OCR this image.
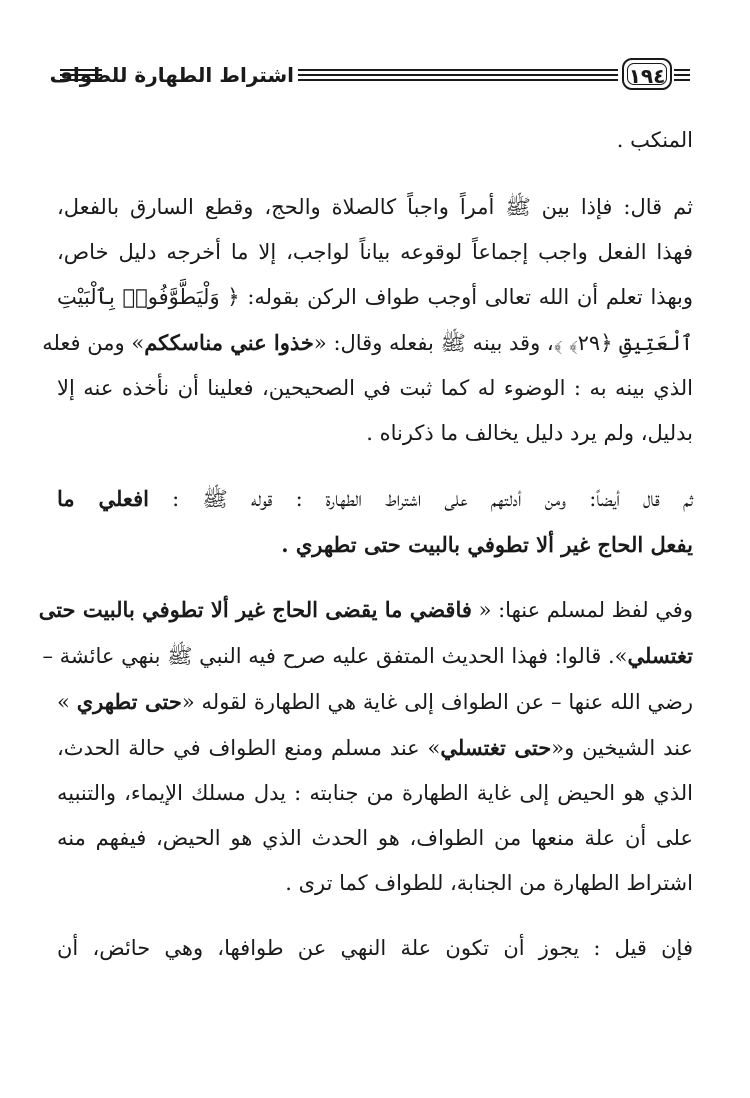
اشتراط الطهارة للطواف	١٩٤

المنكب .

ثم قال: فإذا بين ﷺ أمراً واجباً كالصلاة والحج، وقطع السارق بالفعل،
فهذا الفعل واجب إجماعاً لوقوعه بياناً لواجب، إلا ما أخرجه دليل خاص،
وبهذا تعلم أن الله تعالى أوجب طواف الركن بقوله: ﴿ وَلْيَطَّوَّفُوا۟ بِٱلْبَيْتِ
ٱلْعَتِيقِ ﴿٢٩﴾ ﴾، وقد بينه ﷺ بفعله وقال: «خذوا عني مناسككم» ومن فعله
الذي بينه به : الوضوء له كما ثبت في الصحيحين، فعلينا أن نأخذه عنه إلا
بدليل، ولم يرد دليل يخالف ما ذكرناه .

ثم قال أيضاً: ومن أدلتهم على اشتراط الطهارة : قوله ﷺ : افعلي ما
يفعل الحاج غير ألا تطوفي بالبيت حتى تطهري .

وفي لفظ لمسلم عنها: « فاقضي ما يقضى الحاج غير ألا تطوفي بالبيت حتى
تغتسلي». قالوا: فهذا الحديث المتفق عليه صرح فيه النبي ﷺ بنهي عائشة –
رضي الله عنها – عن الطواف إلى غاية هي الطهارة لقوله «حتى تطهري »
عند الشيخين و«حتى تغتسلي» عند مسلم ومنع الطواف في حالة الحدث،
الذي هو الحيض إلى غاية الطهارة من جنابته : يدل مسلك الإيماء، والتنبيه
على أن علة منعها من الطواف، هو الحدث الذي هو الحيض، فيفهم منه
اشتراط الطهارة من الجنابة، للطواف كما ترى .

فإن قيل : يجوز أن تكون علة النهي عن طوافها، وهي حائض، أن
